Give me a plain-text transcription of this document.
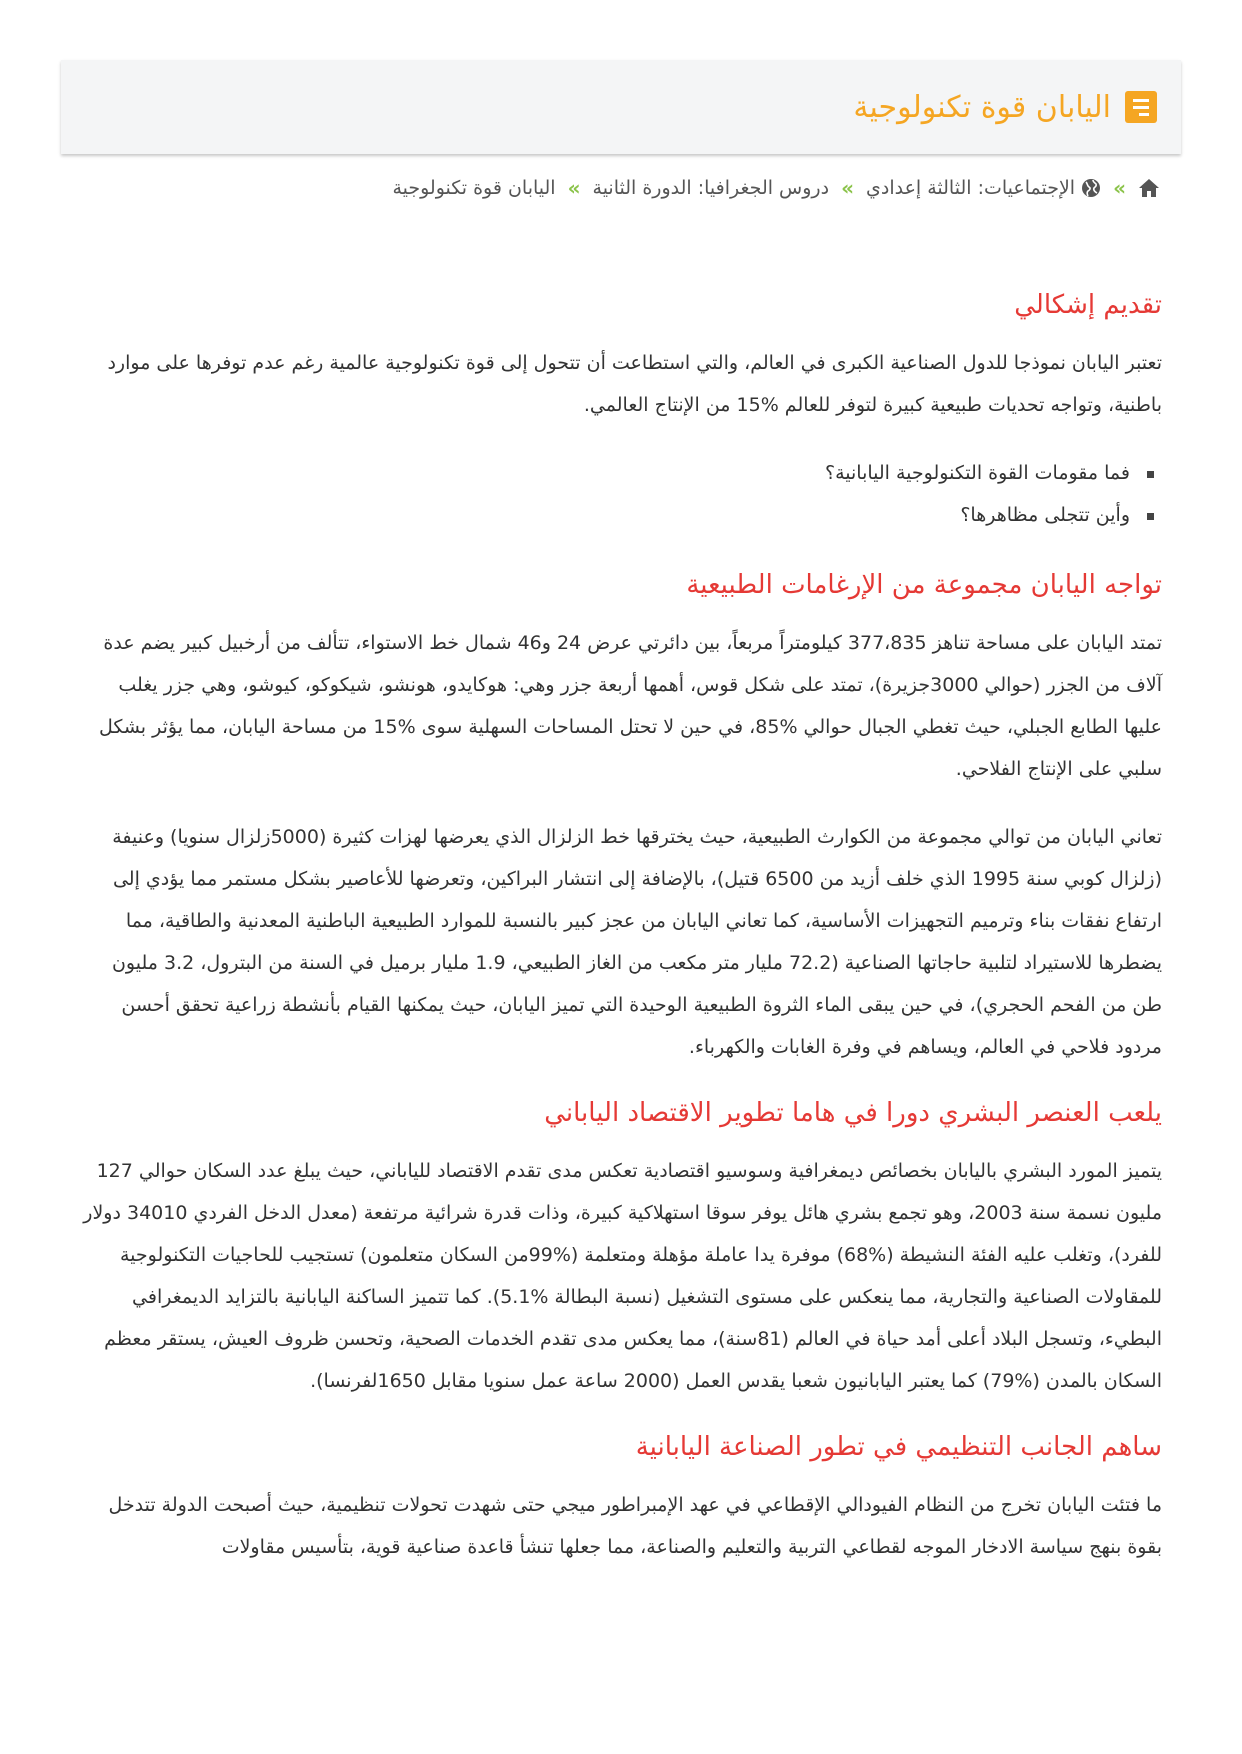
اليابان قوة تكنولوجية
»
الإجتماعيات: الثالثة إعدادي
»
دروس الجغرافيا: الدورة الثانية
»
اليابان قوة تكنولوجية
تقديم إشكالي

تعتبر اليابان نموذجا للدول الصناعية الكبرى في العالم، والتي استطاعت أن تتحول إلى قوة تكنولوجية عالمية رغم عدم توفرها على موارد باطنية، وتواجه تحديات طبيعية كبيرة لتوفر للعالم %15 من الإنتاج العالمي.

فما مقومات القوة التكنولوجية اليابانية؟
وأين تتجلى مظاهرها؟
تواجه اليابان مجموعة من الإرغامات الطبيعية

تمتد اليابان على مساحة تناهز 377،835 كيلومتراً مربعاً، بين دائرتي عرض 24 و46 شمال خط الاستواء، تتألف من أرخبيل كبير يضم عدة آلاف من الجزر (حوالي 3000جزيرة)، تمتد على شكل قوس، أهمها أربعة جزر وهي: هوكايدو، هونشو، شيكوكو، كيوشو، وهي جزر يغلب عليها الطابع الجبلي، حيث تغطي الجبال حوالي %85، في حين لا تحتل المساحات السهلية سوى %15 من مساحة اليابان، مما يؤثر بشكل سلبي على الإنتاج الفلاحي.

تعاني اليابان من توالي مجموعة من الكوارث الطبيعية، حيث يخترقها خط الزلزال الذي يعرضها لهزات كثيرة (5000زلزال سنويا) وعنيفة (زلزال كوبي سنة 1995 الذي خلف أزيد من 6500 قتيل)، بالإضافة إلى انتشار البراكين، وتعرضها للأعاصير بشكل مستمر مما يؤدي إلى ارتفاع نفقات بناء وترميم التجهيزات الأساسية، كما تعاني اليابان من عجز كبير بالنسبة للموارد الطبيعية الباطنية المعدنية والطاقية، مما يضطرها للاستيراد لتلبية حاجاتها الصناعية (72.2 مليار متر مكعب من الغاز الطبيعي، 1.9 مليار برميل في السنة من البترول، 3.2 مليون طن من الفحم الحجري)، في حين يبقى الماء الثروة الطبيعية الوحيدة التي تميز اليابان، حيث يمكنها القيام بأنشطة زراعية تحقق أحسن مردود فلاحي في العالم، ويساهم في وفرة الغابات والكهرباء.

يلعب العنصر البشري دورا في هاما تطوير الاقتصاد الياباني

يتميز المورد البشري باليابان بخصائص ديمغرافية وسوسيو اقتصادية تعكس مدى تقدم الاقتصاد للياباني، حيث يبلغ عدد السكان حوالي 127 مليون نسمة سنة 2003، وهو تجمع بشري هائل يوفر سوقا استهلاكية كبيرة، وذات قدرة شرائية مرتفعة (معدل الدخل الفردي 34010 دولار للفرد)، وتغلب عليه الفئة النشيطة (%68) موفرة يدا عاملة مؤهلة ومتعلمة (%99من السكان متعلمون) تستجيب للحاجيات التكنولوجية للمقاولات الصناعية والتجارية، مما ينعكس على مستوى التشغيل (نسبة البطالة %5.1). كما تتميز الساكنة اليابانية بالتزايد الديمغرافي البطيء، وتسجل البلاد أعلى أمد حياة في العالم (81سنة)، مما يعكس مدى تقدم الخدمات الصحية، وتحسن ظروف العيش، يستقر معظم السكان بالمدن (%79) كما يعتبر اليابانيون شعبا يقدس العمل (2000 ساعة عمل سنويا مقابل 1650لفرنسا).

ساهم الجانب التنظيمي في تطور الصناعة اليابانية

ما فتئت اليابان تخرج من النظام الفيودالي الإقطاعي في عهد الإمبراطور ميجي حتى شهدت تحولات تنظيمية، حيث أصبحت الدولة تتدخل بقوة بنهج سياسة الادخار الموجه لقطاعي التربية والتعليم والصناعة، مما جعلها تنشأ قاعدة صناعية قوية، بتأسيس مقاولات
